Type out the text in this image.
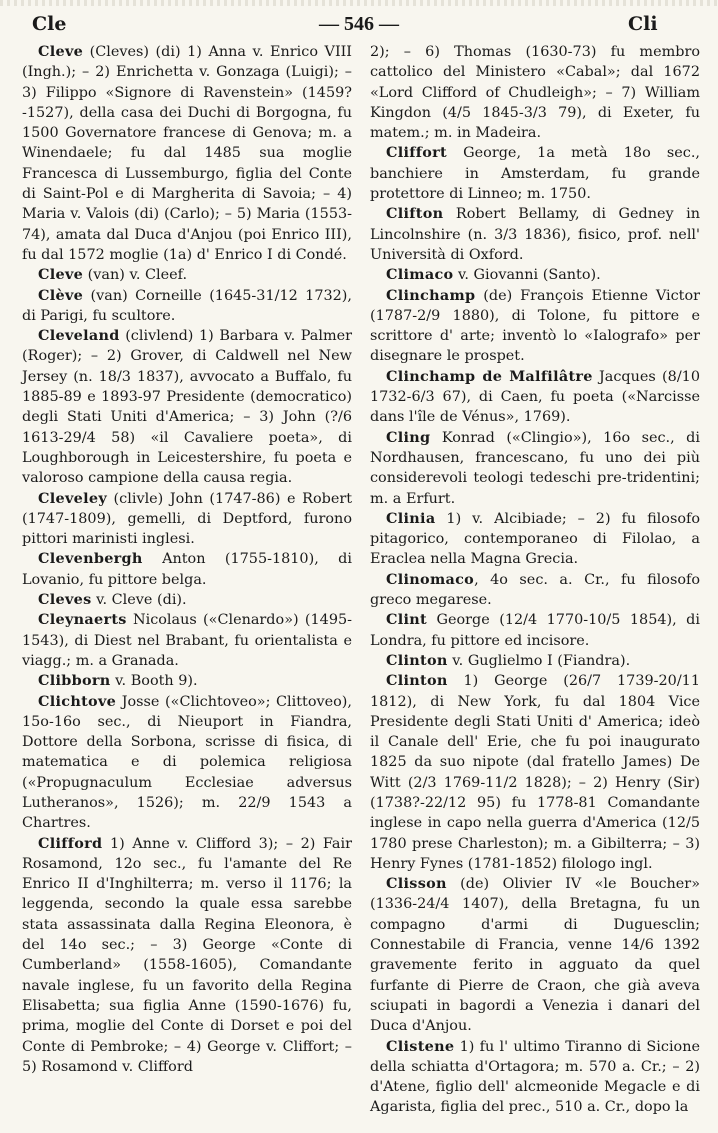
Cle	— 546 —	Cli

Cleve (Cleves) (di) 1) Anna v. Enrico VIII (Ingh.); – 2) Enrichetta v. Gonzaga (Luigi); – 3) Filippo «Signore di Ravenstein» (1459?-1527), della casa dei Duchi di Borgogna, fu 1500 Governatore francese di Genova; m. a Winendaele; fu dal 1485 sua moglie Francesca di Lussemburgo, figlia del Conte di Saint-Pol e di Margherita di Savoia; – 4) Maria v. Valois (di) (Carlo); – 5) Maria (1553-74), amata dal Duca d'Anjou (poi Enrico III), fu dal 1572 moglie (1a) d' Enrico I di Condé.

Cleve (van) v. Cleef.

Clève (van) Corneille (1645-31/12 1732), di Parigi, fu scultore.

Cleveland (clivlend) 1) Barbara v. Palmer (Roger); – 2) Grover, di Caldwell nel New Jersey (n. 18/3 1837), avvocato a Buffalo, fu 1885-89 e 1893-97 Presidente (democratico) degli Stati Uniti d'America; – 3) John (?/6 1613-29/4 58) «il Cavaliere poeta», di Loughborough in Leicestershire, fu poeta e valoroso campione della causa regia.

Cleveley (clivle) John (1747-86) e Robert (1747-1809), gemelli, di Deptford, furono pittori marinisti inglesi.

Clevenbergh Anton (1755-1810), di Lovanio, fu pittore belga.

Cleves v. Cleve (di).

Cleynaerts Nicolaus («Clenardo») (1495-1543), di Diest nel Brabant, fu orientalista e viagg.; m. a Granada.

Clibborn v. Booth 9).

Clichtove Josse («Clichtoveo»; Clittoveo), 15o-16o sec., di Nieuport in Fiandra, Dottore della Sorbona, scrisse di fisica, di matematica e di polemica religiosa («Propugnaculum Ecclesiae adversus Lutheranos», 1526); m. 22/9 1543 a Chartres.

Clifford 1) Anne v. Clifford 3); – 2) Fair Rosamond, 12o sec., fu l'amante del Re Enrico II d'Inghilterra; m. verso il 1176; la leggenda, secondo la quale essa sarebbe stata assassinata dalla Regina Eleonora, è del 14o sec.; – 3) George «Conte di Cumberland» (1558-1605), Comandante navale inglese, fu un favorito della Regina Elisabetta; sua figlia Anne (1590-1676) fu, prima, moglie del Conte di Dorset e poi del Conte di Pembroke; – 4) George v. Cliffort; – 5) Rosamond v. Clifford

2); – 6) Thomas (1630-73) fu membro cattolico del Ministero «Cabal»; dal 1672 «Lord Clifford of Chudleigh»; – 7) William Kingdon (4/5 1845-3/3 79), di Exeter, fu matem.; m. in Madeira.

Cliffort George, 1a metà 18o sec., banchiere in Amsterdam, fu grande protettore di Linneo; m. 1750.

Clifton Robert Bellamy, di Gedney in Lincolnshire (n. 3/3 1836), fisico, prof. nell' Università di Oxford.

Climaco v. Giovanni (Santo).

Clinchamp (de) François Etienne Victor (1787-2/9 1880), di Tolone, fu pittore e scrittore d' arte; inventò lo «Ialografo» per disegnare le prospet.

Clinchamp de Malfilâtre Jacques (8/10 1732-6/3 67), di Caen, fu poeta («Narcisse dans l'île de Vénus», 1769).

Cling Konrad («Clingio»), 16o sec., di Nordhausen, francescano, fu uno dei più considerevoli teologi tedeschi pre-tridentini; m. a Erfurt.

Clinia 1) v. Alcibiade; – 2) fu filosofo pitagorico, contemporaneo di Filolao, a Eraclea nella Magna Grecia.

Clinomaco, 4o sec. a. Cr., fu filosofo greco megarese.

Clint George (12/4 1770-10/5 1854), di Londra, fu pittore ed incisore.

Clinton v. Guglielmo I (Fiandra).

Clinton 1) George (26/7 1739-20/11 1812), di New York, fu dal 1804 Vice Presidente degli Stati Uniti d' America; ideò il Canale dell' Erie, che fu poi inaugurato 1825 da suo nipote (dal fratello James) De Witt (2/3 1769-11/2 1828); – 2) Henry (Sir) (1738?-22/12 95) fu 1778-81 Comandante inglese in capo nella guerra d'America (12/5 1780 prese Charleston); m. a Gibilterra; – 3) Henry Fynes (1781-1852) filologo ingl.

Clisson (de) Olivier IV «le Boucher» (1336-24/4 1407), della Bretagna, fu un compagno d'armi di Duguesclin; Connestabile di Francia, venne 14/6 1392 gravemente ferito in agguato da quel furfante di Pierre de Craon, che già aveva sciupati in bagordi a Venezia i danari del Duca d'Anjou.

Clistene 1) fu l' ultimo Tiranno di Sicione della schiatta d'Ortagora; m. 570 a. Cr.; – 2) d'Atene, figlio dell' alcmeonide Megacle e di Agarista, figlia del prec., 510 a. Cr., dopo la
